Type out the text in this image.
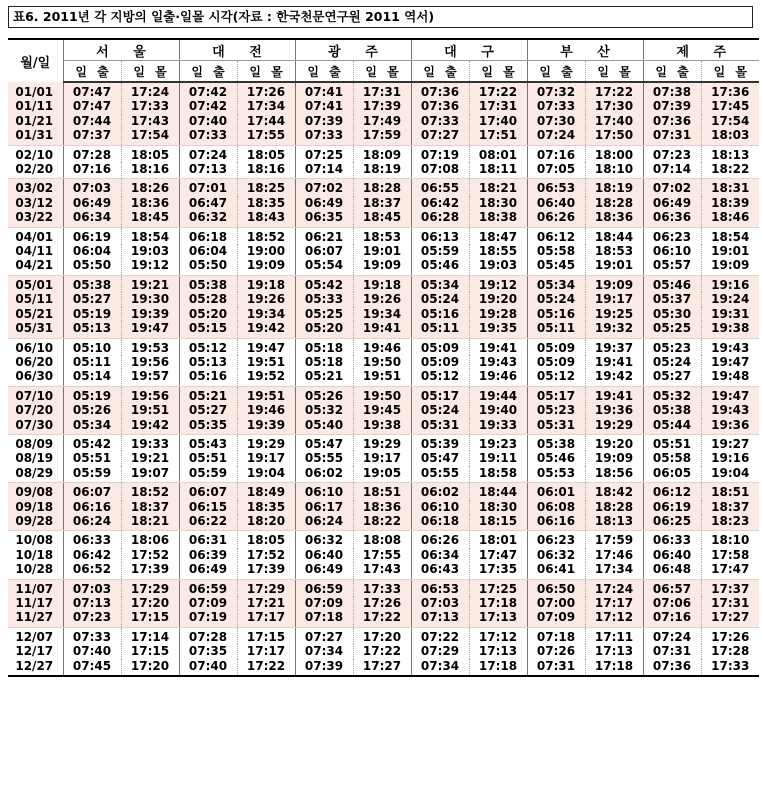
표6. 2011년 각 지방의 일출·일몰 시각(자료 : 한국천문연구원 2011 역서)
월/일	서 울		대 전		광 주		대 구		부 산		제 주	
	일 출	일 몰	일 출	일 몰	일 출	일 몰	일 출	일 몰	일 출	일 몰	일 출	일 몰
01/01	07:47	17:24	07:42	17:26	07:41	17:31	07:36	17:22	07:32	17:22	07:38	17:36
01/11	07:47	17:33	07:42	17:34	07:41	17:39	07:36	17:31	07:33	17:30	07:39	17:45
01/21	07:44	17:43	07:40	17:44	07:39	17:49	07:33	17:40	07:30	17:40	07:36	17:54
01/31	07:37	17:54	07:33	17:55	07:33	17:59	07:27	17:51	07:24	17:50	07:31	18:03
02/10	07:28	18:05	07:24	18:05	07:25	18:09	07:19	08:01	07:16	18:00	07:23	18:13
02/20	07:16	18:16	07:13	18:16	07:14	18:19	07:08	18:11	07:05	18:10	07:14	18:22
03/02	07:03	18:26	07:01	18:25	07:02	18:28	06:55	18:21	06:53	18:19	07:02	18:31
03/12	06:49	18:36	06:47	18:35	06:49	18:37	06:42	18:30	06:40	18:28	06:49	18:39
03/22	06:34	18:45	06:32	18:43	06:35	18:45	06:28	18:38	06:26	18:36	06:36	18:46
04/01	06:19	18:54	06:18	18:52	06:21	18:53	06:13	18:47	06:12	18:44	06:23	18:54
04/11	06:04	19:03	06:04	19:00	06:07	19:01	05:59	18:55	05:58	18:53	06:10	19:01
04/21	05:50	19:12	05:50	19:09	05:54	19:09	05:46	19:03	05:45	19:01	05:57	19:09
05/01	05:38	19:21	05:38	19:18	05:42	19:18	05:34	19:12	05:34	19:09	05:46	19:16
05/11	05:27	19:30	05:28	19:26	05:33	19:26	05:24	19:20	05:24	19:17	05:37	19:24
05/21	05:19	19:39	05:20	19:34	05:25	19:34	05:16	19:28	05:16	19:25	05:30	19:31
05/31	05:13	19:47	05:15	19:42	05:20	19:41	05:11	19:35	05:11	19:32	05:25	19:38
06/10	05:10	19:53	05:12	19:47	05:18	19:46	05:09	19:41	05:09	19:37	05:23	19:43
06/20	05:11	19:56	05:13	19:51	05:18	19:50	05:09	19:43	05:09	19:41	05:24	19:47
06/30	05:14	19:57	05:16	19:52	05:21	19:51	05:12	19:46	05:12	19:42	05:27	19:48
07/10	05:19	19:56	05:21	19:51	05:26	19:50	05:17	19:44	05:17	19:41	05:32	19:47
07/20	05:26	19:51	05:27	19:46	05:32	19:45	05:24	19:40	05:23	19:36	05:38	19:43
07/30	05:34	19:42	05:35	19:39	05:40	19:38	05:31	19:33	05:31	19:29	05:44	19:36
08/09	05:42	19:33	05:43	19:29	05:47	19:29	05:39	19:23	05:38	19:20	05:51	19:27
08/19	05:51	19:21	05:51	19:17	05:55	19:17	05:47	19:11	05:46	19:09	05:58	19:16
08/29	05:59	19:07	05:59	19:04	06:02	19:05	05:55	18:58	05:53	18:56	06:05	19:04
09/08	06:07	18:52	06:07	18:49	06:10	18:51	06:02	18:44	06:01	18:42	06:12	18:51
09/18	06:16	18:37	06:15	18:35	06:17	18:36	06:10	18:30	06:08	18:28	06:19	18:37
09/28	06:24	18:21	06:22	18:20	06:24	18:22	06:18	18:15	06:16	18:13	06:25	18:23
10/08	06:33	18:06	06:31	18:05	06:32	18:08	06:26	18:01	06:23	17:59	06:33	18:10
10/18	06:42	17:52	06:39	17:52	06:40	17:55	06:34	17:47	06:32	17:46	06:40	17:58
10/28	06:52	17:39	06:49	17:39	06:49	17:43	06:43	17:35	06:41	17:34	06:48	17:47
11/07	07:03	17:29	06:59	17:29	06:59	17:33	06:53	17:25	06:50	17:24	06:57	17:37
11/17	07:13	17:20	07:09	17:21	07:09	17:26	07:03	17:18	07:00	17:17	07:06	17:31
11/27	07:23	17:15	07:19	17:17	07:18	17:22	07:13	17:13	07:09	17:12	07:16	17:27
12/07	07:33	17:14	07:28	17:15	07:27	17:20	07:22	17:12	07:18	17:11	07:24	17:26
12/17	07:40	17:15	07:35	17:17	07:34	17:22	07:29	17:13	07:26	17:13	07:31	17:28
12/27	07:45	17:20	07:40	17:22	07:39	17:27	07:34	17:18	07:31	17:18	07:36	17:33
